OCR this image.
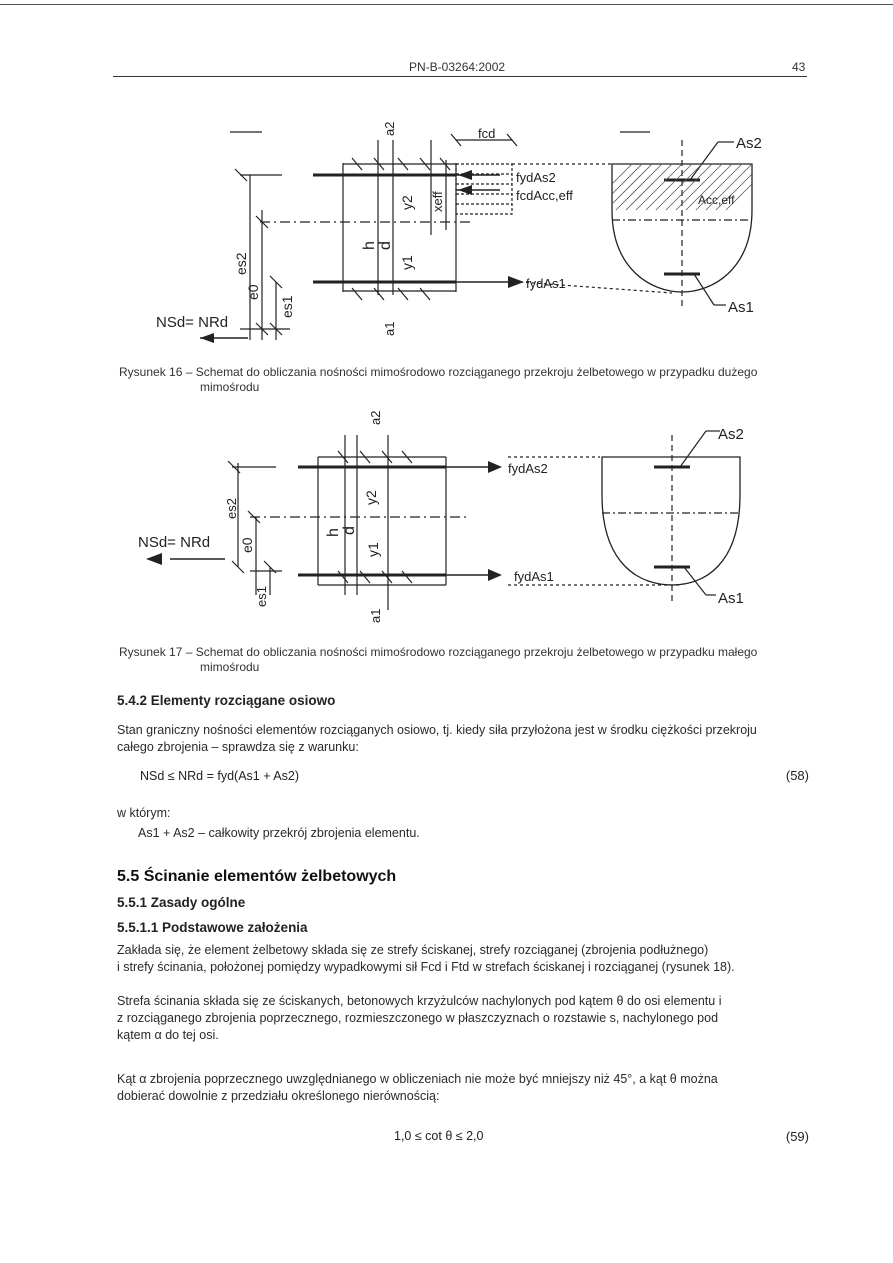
PN-B-03264:2002	43
a2	fcd
fydAs2
fcdAcc,eff
y2 xeff
h d
y1
es2
e0
es1
a1
NSd= NRd
fydAs1
As2
Acc,eff
As1
Rysunek 16 – Schemat do obliczania nośności mimośrodowo rozciąganego przekroju żelbetowego w przypadku dużego
mimośrodu
a2
fydAs2
es2
y2
h d
e0	y1
NSd= NRd
fydAs1
es1
a1
As2
As1
Rysunek 17 – Schemat do obliczania nośności mimośrodowo rozciąganego przekroju żelbetowego w przypadku małego
mimośrodu
5.4.2 Elementy rozciągane osiowo
Stan graniczny nośności elementów rozciąganych osiowo, tj. kiedy siła przyłożona jest w środku ciężkości przekroju
całego zbrojenia – sprawdza się z warunku:
NSd ≤ NRd = fyd(As1 + As2)	(58)
w którym:
As1 + As2 – całkowity przekrój zbrojenia elementu.
5.5 Ścinanie elementów żelbetowych
5.5.1 Zasady ogólne
5.5.1.1 Podstawowe założenia
Zakłada się, że element żelbetowy składa się ze strefy ściskanej, strefy rozciąganej (zbrojenia podłużnego)
i strefy ścinania, położonej pomiędzy wypadkowymi sił Fcd i Ftd w strefach ściskanej i rozciąganej (rysunek 18).
Strefa ścinania składa się ze ściskanych, betonowych krzyżulców nachylonych pod kątem θ do osi elementu i
z rozciąganego zbrojenia poprzecznego, rozmieszczonego w płaszczyznach o rozstawie s, nachylonego pod
kątem α do tej osi.
Kąt α zbrojenia poprzecznego uwzględnianego w obliczeniach nie może być mniejszy niż 45°, a kąt θ można
dobierać dowolnie z przedziału określonego nierównością:
1,0 ≤ cot θ ≤ 2,0	(59)
